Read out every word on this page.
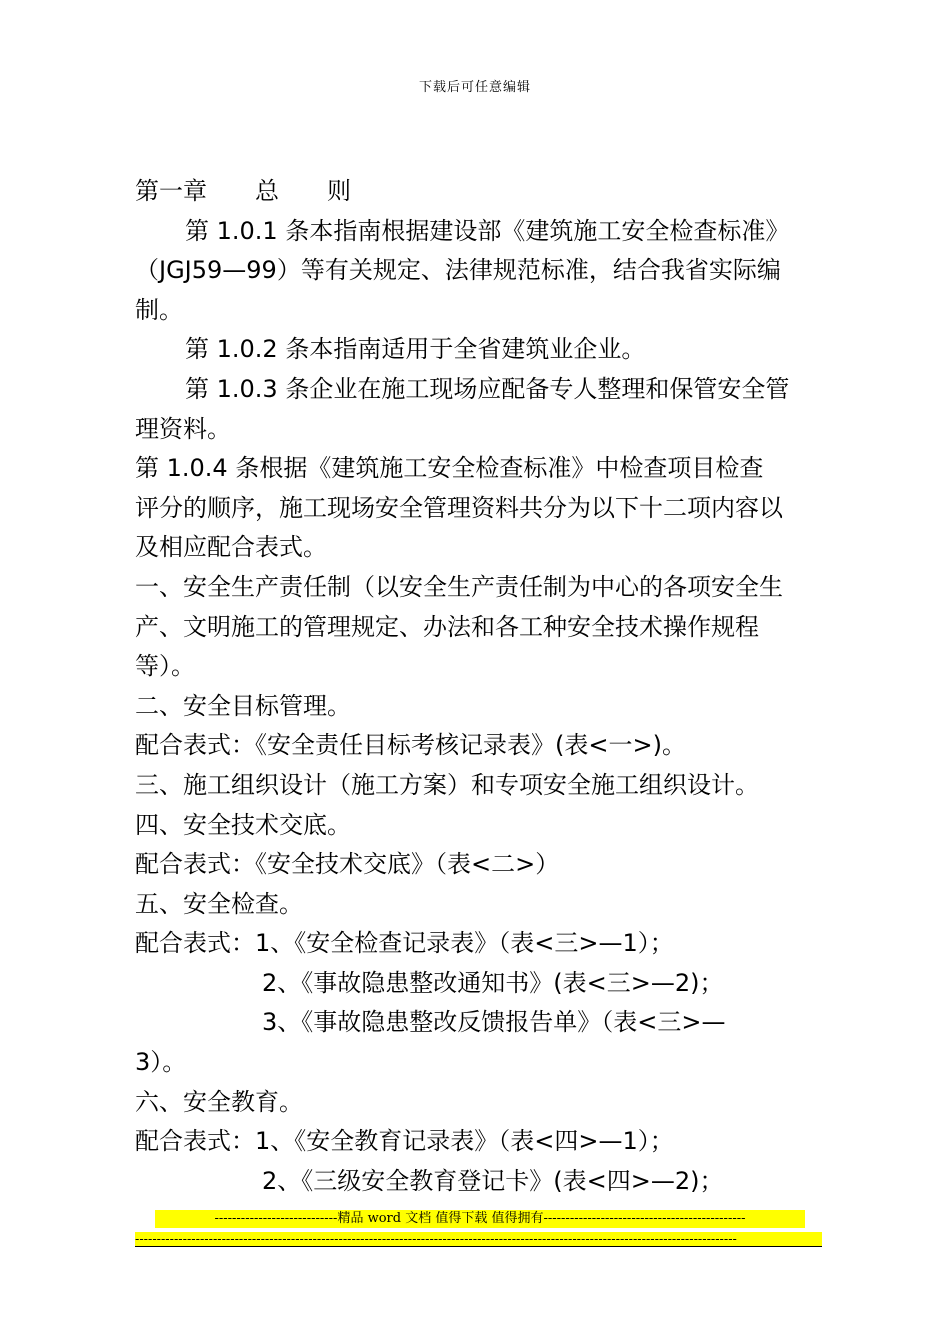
下载后可任意编辑
第一章　　总　　则
第 1.0.1 条本指南根据建设部《建筑施工安全检查标准》
（JGJ59—99）等有关规定、法律规范标准，结合我省实际编
制。
第 1.0.2 条本指南适用于全省建筑业企业。
第 1.0.3 条企业在施工现场应配备专人整理和保管安全管
理资料。
第 1.0.4 条根据《建筑施工安全检查标准》中检查项目检查
评分的顺序，施工现场安全管理资料共分为以下十二项内容以
及相应配合表式。
一、安全生产责任制（以安全生产责任制为中心的各项安全生
产、文明施工的管理规定、办法和各工种安全技术操作规程
等）。
二、安全目标管理。
配合表式：《安全责任目标考核记录表》(表<一>)。
三、施工组织设计（施工方案）和专项安全施工组织设计。
四、安全技术交底。
配合表式：《安全技术交底》（表<二>）
五、安全检查。
配合表式：1、《安全检查记录表》（表<三>—1）；
2、《事故隐患整改通知书》(表<三>—2)；
3、《事故隐患整改反馈报告单》（表<三>—
3）。
六、安全教育。
配合表式：1、《安全教育记录表》（表<四>—1）；
2、《三级安全教育登记卡》(表<四>—2)；
----------------------------精品 word 文档 值得下载 值得拥有----------------------------------------------
-------------------------------------------------------------------------------------------------------------------------------------------
